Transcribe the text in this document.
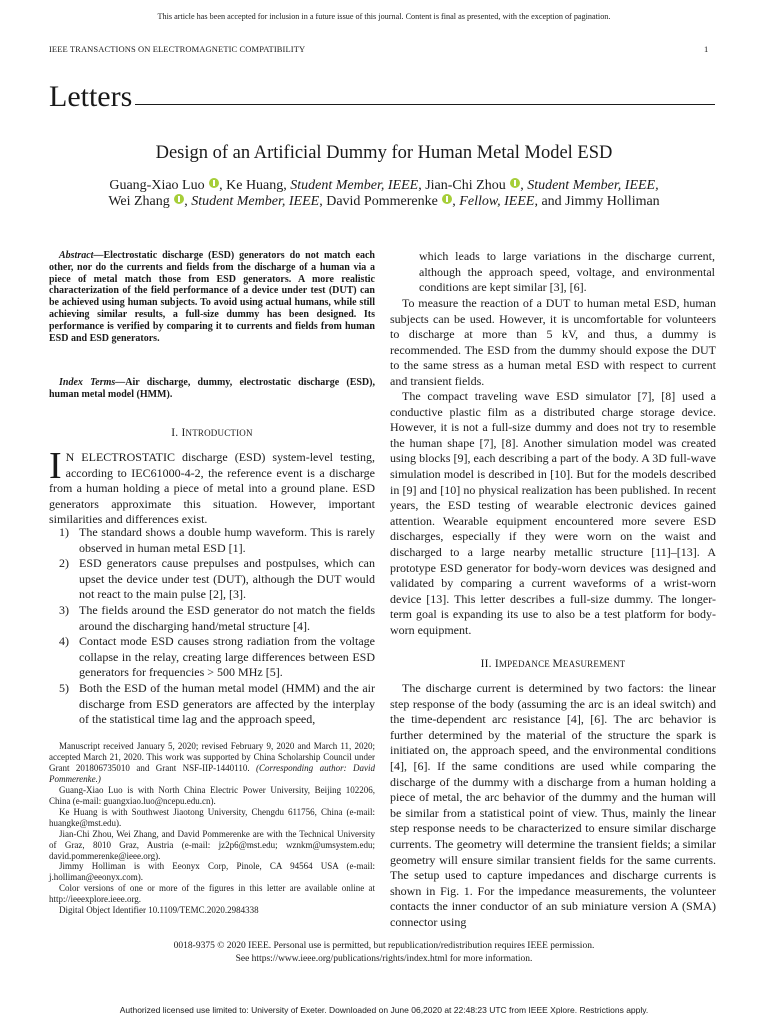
This article has been accepted for inclusion in a future issue of this journal. Content is final as presented, with the exception of pagination.
IEEE TRANSACTIONS ON ELECTROMAGNETIC COMPATIBILITY	1
Letters
Design of an Artificial Dummy for Human Metal Model ESD
Guang-Xiao Luo , Ke Huang, Student Member, IEEE, Jian-Chi Zhou , Student Member, IEEE,
Wei Zhang , Student Member, IEEE, David Pommerenke , Fellow, IEEE, and Jimmy Holliman
Abstract—Electrostatic discharge (ESD) generators do not match each other, nor do the currents and fields from the discharge of a human via a piece of metal match those from ESD generators. A more realistic characterization of the field performance of a device under test (DUT) can be achieved using human subjects. To avoid using actual humans, while still achieving similar results, a full-size dummy has been designed. Its performance is verified by comparing it to currents and fields from human ESD and ESD generators.
Index Terms—Air discharge, dummy, electrostatic discharge (ESD), human metal model (HMM).
I. INTRODUCTION
I N ELECTROSTATIC discharge (ESD) system-level testing, according to IEC61000-4-2, the reference event is a discharge from a human holding a piece of metal into a ground plane. ESD generators approximate this situation. However, important similarities and differences exist.
1) The standard shows a double hump waveform. This is rarely observed in human metal ESD [1].
2) ESD generators cause prepulses and postpulses, which can upset the device under test (DUT), although the DUT would not react to the main pulse [2], [3].
3) The fields around the ESD generator do not match the fields around the discharging hand/metal structure [4].
4) Contact mode ESD causes strong radiation from the voltage collapse in the relay, creating large differences between ESD generators for frequencies > 500 MHz [5].
5) Both the ESD of the human metal model (HMM) and the air discharge from ESD generators are affected by the interplay of the statistical time lag and the approach speed,

Manuscript received January 5, 2020; revised February 9, 2020 and March 11, 2020; accepted March 21, 2020. This work was supported by China Scholarship Council under Grant 201806735010 and Grant NSF-IIP-1440110. (Corresponding author: David Pommerenke.)

Guang-Xiao Luo is with North China Electric Power University, Beijing 102206, China (e-mail: guangxiao.luo@ncepu.edu.cn).

Ke Huang is with Southwest Jiaotong University, Chengdu 611756, China (e-mail: huangke@mst.edu).

Jian-Chi Zhou, Wei Zhang, and David Pommerenke are with the Technical University of Graz, 8010 Graz, Austria (e-mail: jz2p6@mst.edu; wznkm@umsystem.edu; david.pommerenke@ieee.org).

Jimmy Holliman is with Eeonyx Corp, Pinole, CA 94564 USA (e-mail: j.holliman@eeonyx.com).

Color versions of one or more of the figures in this letter are available online at http://ieeexplore.ieee.org.

Digital Object Identifier 10.1109/TEMC.2020.2984338

which leads to large variations in the discharge current, although the approach speed, voltage, and environmental conditions are kept similar [3], [6].

To measure the reaction of a DUT to human metal ESD, human subjects can be used. However, it is uncomfortable for volunteers to discharge at more than 5 kV, and thus, a dummy is recommended. The ESD from the dummy should expose the DUT to the same stress as a human metal ESD with respect to current and transient fields.

The compact traveling wave ESD simulator [7], [8] used a conductive plastic film as a distributed charge storage device. However, it is not a full-size dummy and does not try to resemble the human shape [7], [8]. Another simulation model was created using blocks [9], each describing a part of the body. A 3D full-wave simulation model is described in [10]. But for the models described in [9] and [10] no physical realization has been published. In recent years, the ESD testing of wearable electronic devices gained attention. Wearable equipment encountered more severe ESD discharges, especially if they were worn on the waist and discharged to a large nearby metallic structure [11]–[13]. A prototype ESD generator for body-worn devices was designed and validated by comparing a current waveforms of a wrist-worn device [13]. This letter describes a full-size dummy. The longer-term goal is expanding its use to also be a test platform for body-worn equipment.

II. IMPEDANCE MEASUREMENT

The discharge current is determined by two factors: the linear step response of the body (assuming the arc is an ideal switch) and the time-dependent arc resistance [4], [6]. The arc behavior is further determined by the material of the structure the spark is initiated on, the approach speed, and the environmental conditions [4], [6]. If the same conditions are used while comparing the discharge of the dummy with a discharge from a human holding a piece of metal, the arc behavior of the dummy and the human will be similar from a statistical point of view. Thus, mainly the linear step response needs to be characterized to ensure similar discharge currents. The geometry will determine the transient fields; a similar geometry will ensure similar transient fields for the same currents. The setup used to capture impedances and discharge currents is shown in Fig. 1. For the impedance measurements, the volunteer contacts the inner conductor of an sub miniature version A (SMA) connector using

0018-9375 © 2020 IEEE. Personal use is permitted, but republication/redistribution requires IEEE permission.
See https://www.ieee.org/publications/rights/index.html for more information.
Authorized licensed use limited to: University of Exeter. Downloaded on June 06,2020 at 22:48:23 UTC from IEEE Xplore. Restrictions apply.
